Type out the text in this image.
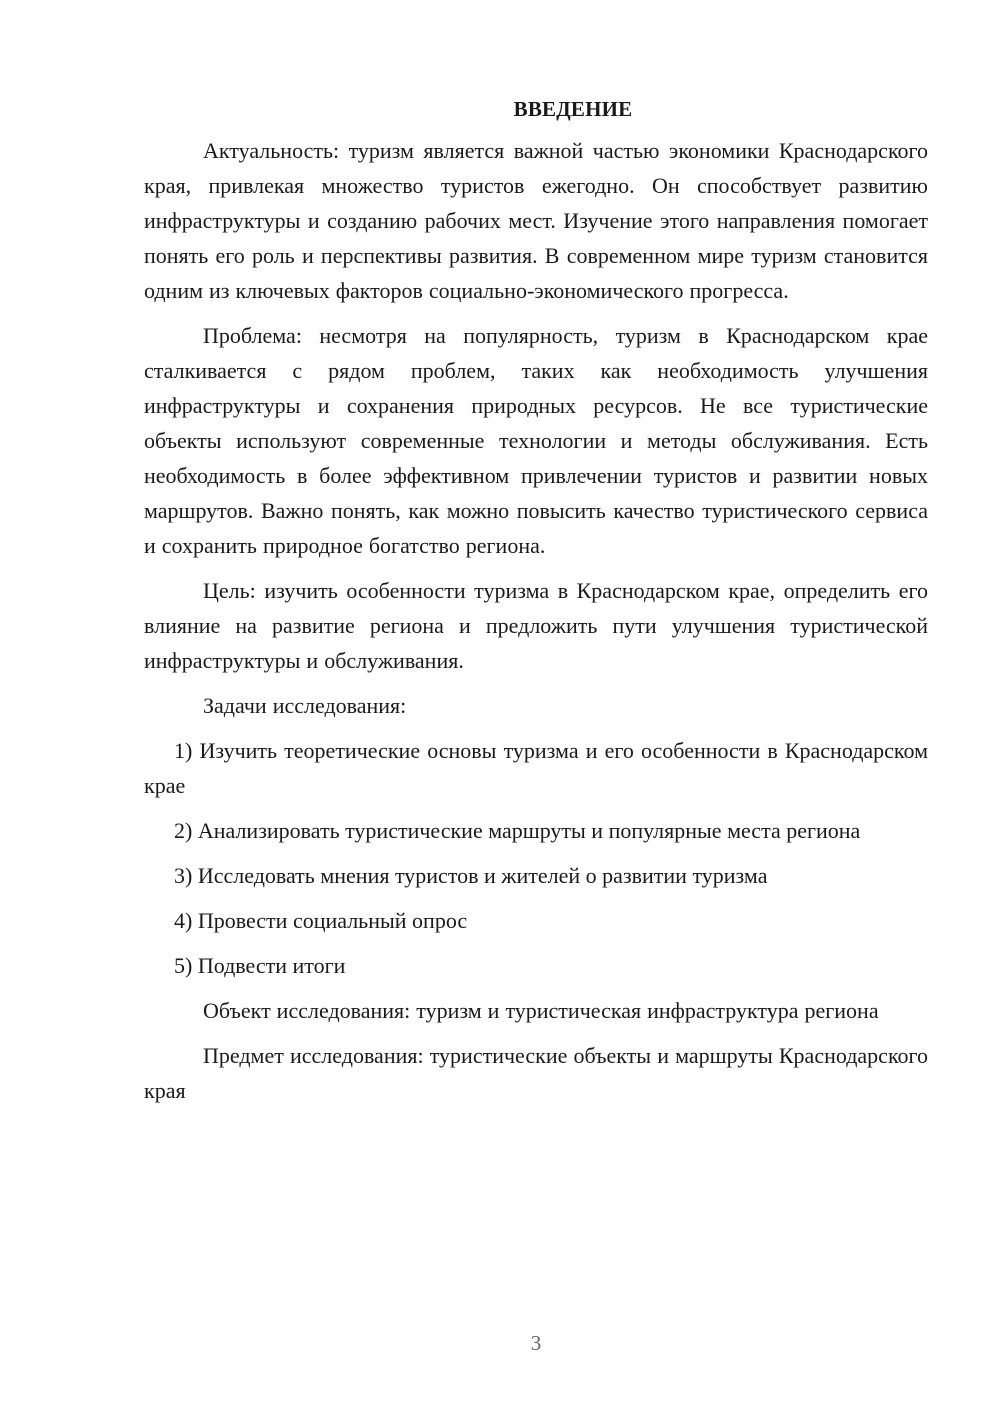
ВВЕДЕНИЕ

Актуальность: туризм является важной частью экономики Краснодарского края, привлекая множество туристов ежегодно. Он способствует развитию инфраструктуры и созданию рабочих мест. Изучение этого направления помогает понять его роль и перспективы развития. В современном мире туризм становится одним из ключевых факторов социально-экономического прогресса.

Проблема: несмотря на популярность, туризм в Краснодарском крае сталкивается с рядом проблем, таких как необходимость улучшения инфраструктуры и сохранения природных ресурсов. Не все туристические объекты используют современные технологии и методы обслуживания. Есть необходимость в более эффективном привлечении туристов и развитии новых маршрутов. Важно понять, как можно повысить качество туристического сервиса и сохранить природное богатство региона.

Цель: изучить особенности туризма в Краснодарском крае, определить его влияние на развитие региона и предложить пути улучшения туристической инфраструктуры и обслуживания.

Задачи исследования:

1) Изучить теоретические основы туризма и его особенности в Краснодарском крае

2) Анализировать туристические маршруты и популярные места региона

3) Исследовать мнения туристов и жителей о развитии туризма

4) Провести социальный опрос

5) Подвести итоги

Объект исследования: туризм и туристическая инфраструктура региона

Предмет исследования: туристические объекты и маршруты Краснодарского края

3
